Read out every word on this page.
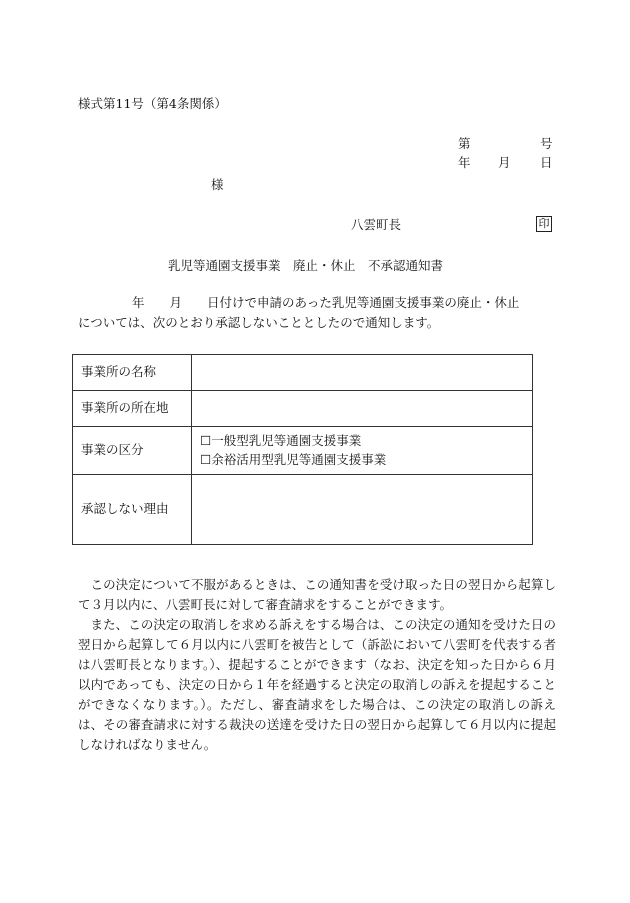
様式第11号（第4条関係）
第	号
年 月 日
様
八雲町長	印
乳児等通園支援事業　廃止・休止　不承認通知書
年　　月　　日付けで申請のあった乳児等通園支援事業の廃止・休止
については、次のとおり承認しないこととしたので通知します。
事業所の名称	
事業所の所在地	
事業の区分	☐一般型乳児等通園支援事業
☐余裕活用型乳児等通園支援事業

承認しない理由	
この決定について不服があるときは、この通知書を受け取った日の翌日から起算して３月以内に、八雲町長に対して審査請求をすることができます。
また、この決定の取消しを求める訴えをする場合は、この決定の通知を受けた日の翌日から起算して６月以内に八雲町を被告として（訴訟において八雲町を代表する者は八雲町長となります。）、提起することができます（なお、決定を知った日から６月以内であっても、決定の日から１年を経過すると決定の取消しの訴えを提起することができなくなります。）。ただし、審査請求をした場合は、この決定の取消しの訴えは、その審査請求に対する裁決の送達を受けた日の翌日から起算して６月以内に提起しなければなりません。
